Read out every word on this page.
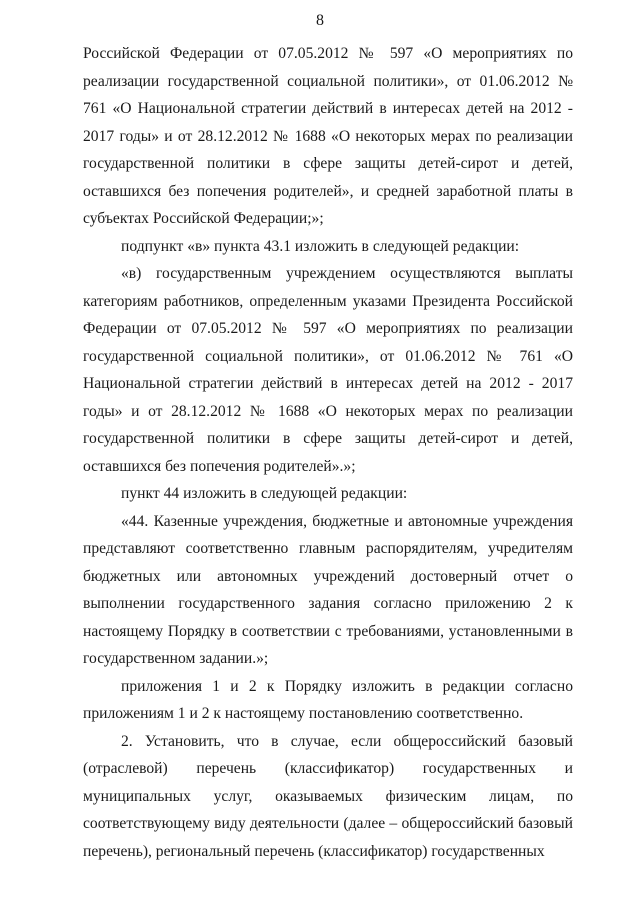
8

Российской Федерации от 07.05.2012 № 597 «О мероприятиях по реализации государственной социальной политики», от 01.06.2012 № 761 «О Национальной стратегии действий в интересах детей на 2012 - 2017 годы» и от 28.12.2012 № 1688 «О некоторых мерах по реализации государственной политики в сфере защиты детей-сирот и детей, оставшихся без попечения родителей», и средней заработной платы в субъектах Российской Федерации;»;

подпункт «в» пункта 43.1 изложить в следующей редакции:

«в) государственным учреждением осуществляются выплаты категориям работников, определенным указами Президента Российской Федерации от 07.05.2012 № 597 «О мероприятиях по реализации государственной социальной политики», от 01.06.2012 № 761 «О Национальной стратегии действий в интересах детей на 2012 - 2017 годы» и от 28.12.2012 № 1688 «О некоторых мерах по реализации государственной политики в сфере защиты детей-сирот и детей, оставшихся без попечения родителей».»;

пункт 44 изложить в следующей редакции:

«44. Казенные учреждения, бюджетные и автономные учреждения представляют соответственно главным распорядителям, учредителям бюджетных или автономных учреждений достоверный отчет о выполнении государственного задания согласно приложению 2 к настоящему Порядку в соответствии с требованиями, установленными в государственном задании.»;

приложения 1 и 2 к Порядку изложить в редакции согласно приложениям 1 и 2 к настоящему постановлению соответственно.

2. Установить, что в случае, если общероссийский базовый (отраслевой) перечень (классификатор) государственных и муниципальных услуг, оказываемых физическим лицам, по соответствующему виду деятельности (далее – общероссийский базовый перечень), региональный перечень (классификатор) государственных
